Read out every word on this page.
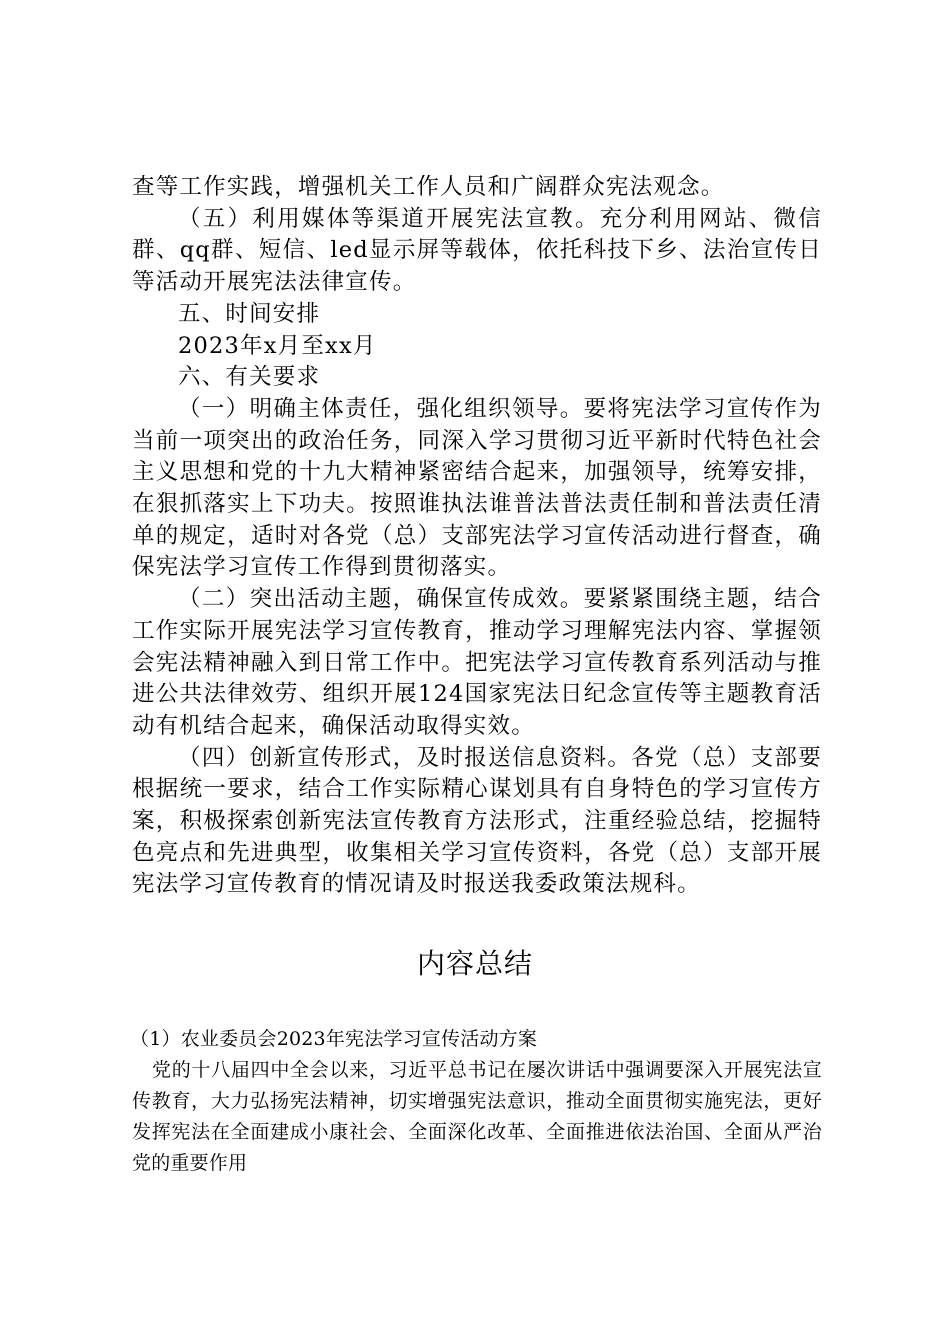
查等工作实践，增强机关工作人员和广阔群众宪法观念。

（五）利用媒体等渠道开展宪法宣教。充分利用网站、微信群、qq群、短信、led显示屏等载体，依托科技下乡、法治宣传日等活动开展宪法法律宣传。

五、时间安排

2023年x月至xx月

六、有关要求

（一）明确主体责任，强化组织领导。要将宪法学习宣传作为当前一项突出的政治任务，同深入学习贯彻习近平新时代特色社会主义思想和党的十九大精神紧密结合起来，加强领导，统筹安排，在狠抓落实上下功夫。按照谁执法谁普法普法责任制和普法责任清单的规定，适时对各党（总）支部宪法学习宣传活动进行督查，确保宪法学习宣传工作得到贯彻落实。

（二）突出活动主题，确保宣传成效。要紧紧围绕主题，结合工作实际开展宪法学习宣传教育，推动学习理解宪法内容、掌握领会宪法精神融入到日常工作中。把宪法学习宣传教育系列活动与推进公共法律效劳、组织开展124国家宪法日纪念宣传等主题教育活动有机结合起来，确保活动取得实效。

（四）创新宣传形式，及时报送信息资料。各党（总）支部要根据统一要求，结合工作实际精心谋划具有自身特色的学习宣传方案，积极探索创新宪法宣传教育方法形式，注重经验总结，挖掘特色亮点和先进典型，收集相关学习宣传资料，各党（总）支部开展宪法学习宣传教育的情况请及时报送我委政策法规科。

内容总结

（1）农业委员会2023年宪法学习宣传活动方案

党的十八届四中全会以来，习近平总书记在屡次讲话中强调要深入开展宪法宣传教育，大力弘扬宪法精神，切实增强宪法意识，推动全面贯彻实施宪法，更好发挥宪法在全面建成小康社会、全面深化改革、全面推进依法治国、全面从严治党的重要作用
